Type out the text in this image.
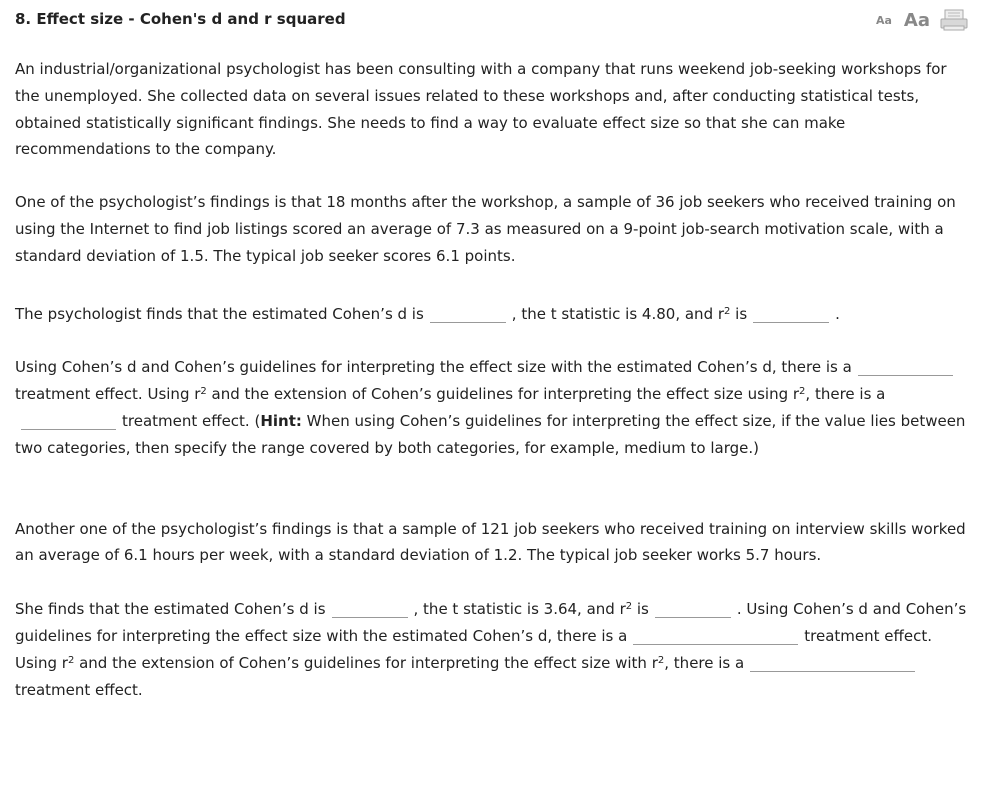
8. Effect size - Cohen's d and r squared	Aa Aa

An industrial/organizational psychologist has been consulting with a company that runs weekend job-seeking workshops for the unemployed. She collected data on several issues related to these workshops and, after conducting statistical tests, obtained statistically significant findings. She needs to find a way to evaluate effect size so that she can make recommendations to the company.

One of the psychologist’s findings is that 18 months after the workshop, a sample of 36 job seekers who received training on using the Internet to find job listings scored an average of 7.3 as measured on a 9-point job-search motivation scale, with a standard deviation of 1.5. The typical job seeker scores 6.1 points.

The psychologist finds that the estimated Cohen’s d is	, the t statistic is 4.80, and $r^2$ is	.

Using Cohen’s d and Cohen’s guidelines for interpreting the effect size with the estimated Cohen’s d, there is atreatment effect. Using $r^2$ and the extension of Cohen’s guidelines for interpreting the effect size using $r^2$, there is atreatment effect. (Hint: When using Cohen’s guidelines for interpreting the effect size, if the value lies between two categories, then specify the range covered by both categories, for example, medium to large.)

Another one of the psychologist’s findings is that a sample of 121 job seekers who received training on interview skills worked an average of 6.1 hours per week, with a standard deviation of 1.2. The typical job seeker works 5.7 hours.

She finds that the estimated Cohen’s d is	, the t statistic is 3.64, and $r^2$ is	. Using Cohen’s d and Cohen’s guidelines for interpreting the effect size with the estimated Cohen’s d, there is a	treatment effect. Using $r^2$ and the extension of Cohen’s guidelines for interpreting the effect size with $r^2$, there is atreatment effect.
